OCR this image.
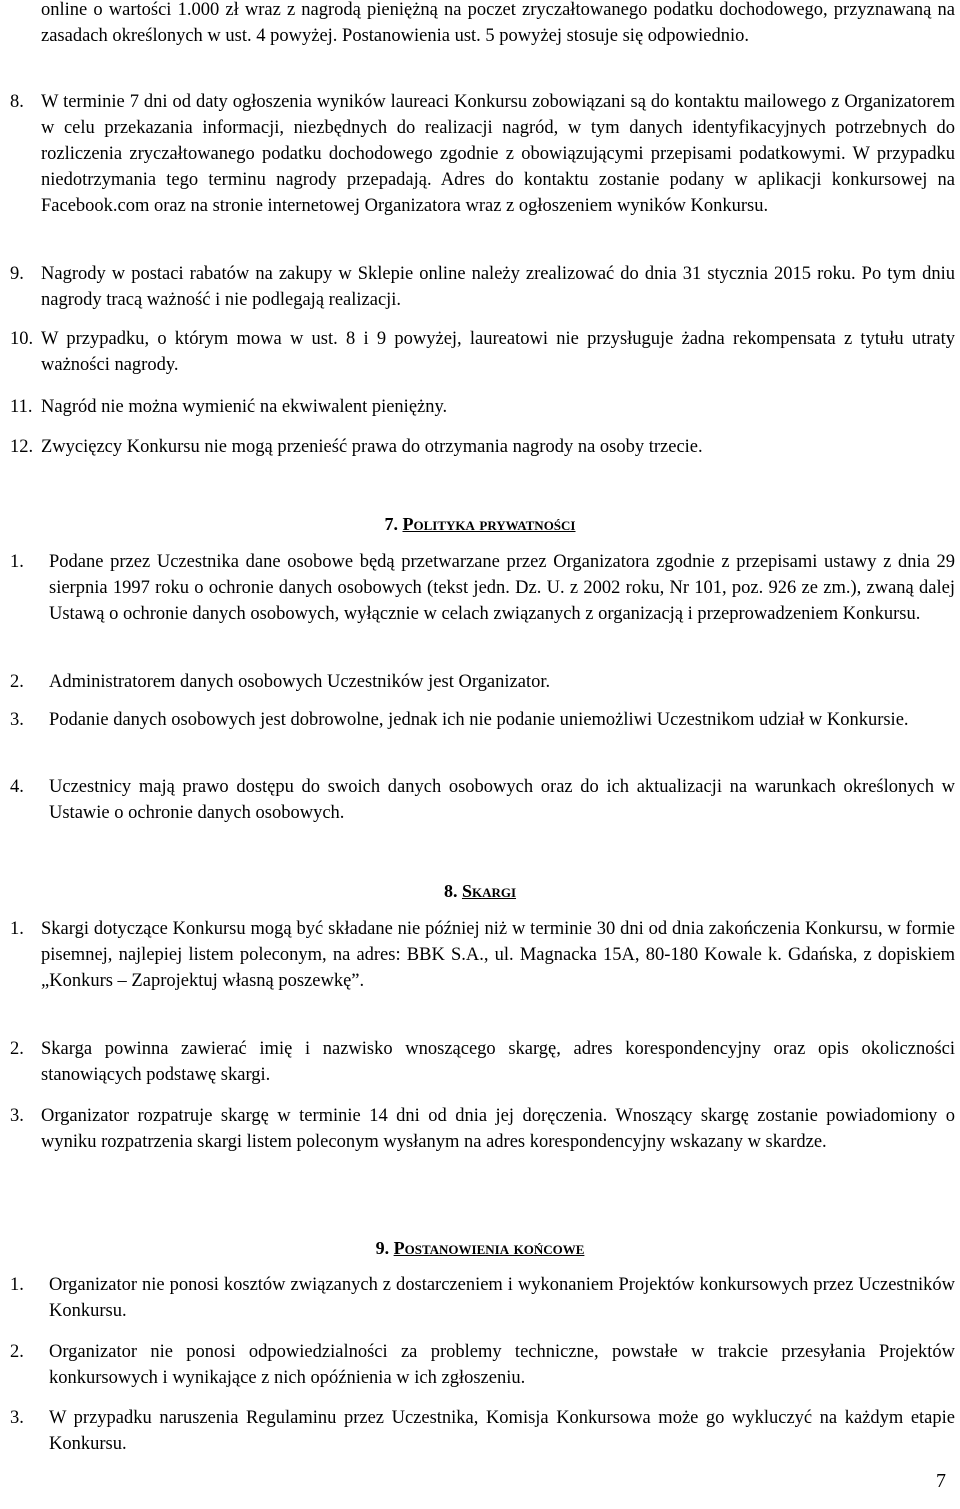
online o wartości 1.000 zł wraz z nagrodą pieniężną na poczet zryczałtowanego podatku dochodowego, przyznawaną na zasadach określonych w ust. 4 powyżej. Postanowienia ust. 5 powyżej stosuje się odpowiednio.
8. W terminie 7 dni od daty ogłoszenia wyników laureaci Konkursu zobowiązani są do kontaktu mailowego z Organizatorem w celu przekazania informacji, niezbędnych do realizacji nagród, w tym danych identyfikacyjnych potrzebnych do rozliczenia zryczałtowanego podatku dochodowego zgodnie z obowiązującymi przepisami podatkowymi. W przypadku niedotrzymania tego terminu nagrody przepadają. Adres do kontaktu zostanie podany w aplikacji konkursowej na Facebook.com oraz na stronie internetowej Organizatora wraz z ogłoszeniem wyników Konkursu.
9. Nagrody w postaci rabatów na zakupy w Sklepie online należy zrealizować do dnia 31 stycznia 2015 roku. Po tym dniu nagrody tracą ważność i nie podlegają realizacji.
10. W przypadku, o którym mowa w ust. 8 i 9 powyżej, laureatowi nie przysługuje żadna rekompensata z tytułu utraty ważności nagrody.
11. Nagród nie można wymienić na ekwiwalent pieniężny.
12. Zwycięzcy Konkursu nie mogą przenieść prawa do otrzymania nagrody na osoby trzecie.
7. Polityka prywatności
1. Podane przez Uczestnika dane osobowe będą przetwarzane przez Organizatora zgodnie z przepisami ustawy z dnia 29 sierpnia 1997 roku o ochronie danych osobowych (tekst jedn. Dz. U. z 2002 roku, Nr 101, poz. 926 ze zm.), zwaną dalej Ustawą o ochronie danych osobowych, wyłącznie w celach związanych z organizacją i przeprowadzeniem Konkursu.
2. Administratorem danych osobowych Uczestników jest Organizator.
3. Podanie danych osobowych jest dobrowolne, jednak ich nie podanie uniemożliwi Uczestnikom udział w Konkursie.
4. Uczestnicy mają prawo dostępu do swoich danych osobowych oraz do ich aktualizacji na warunkach określonych w Ustawie o ochronie danych osobowych.
8. Skargi
1. Skargi dotyczące Konkursu mogą być składane nie później niż w terminie 30 dni od dnia zakończenia Konkursu, w formie pisemnej, najlepiej listem poleconym, na adres: BBK S.A., ul. Magnacka 15A, 80-180 Kowale k. Gdańska, z dopiskiem „Konkurs – Zaprojektuj własną poszewkę”.
2. Skarga powinna zawierać imię i nazwisko wnoszącego skargę, adres korespondencyjny oraz opis okoliczności stanowiących podstawę skargi.
3. Organizator rozpatruje skargę w terminie 14 dni od dnia jej doręczenia. Wnoszący skargę zostanie powiadomiony o wyniku rozpatrzenia skargi listem poleconym wysłanym na adres korespondencyjny wskazany w skardze.
9. Postanowienia końcowe
1. Organizator nie ponosi kosztów związanych z dostarczeniem i wykonaniem Projektów konkursowych przez Uczestników Konkursu.
2. Organizator nie ponosi odpowiedzialności za problemy techniczne, powstałe w trakcie przesyłania Projektów konkursowych i wynikające z nich opóźnienia w ich zgłoszeniu.
3. W przypadku naruszenia Regulaminu przez Uczestnika, Komisja Konkursowa może go wykluczyć na każdym etapie Konkursu.
7
